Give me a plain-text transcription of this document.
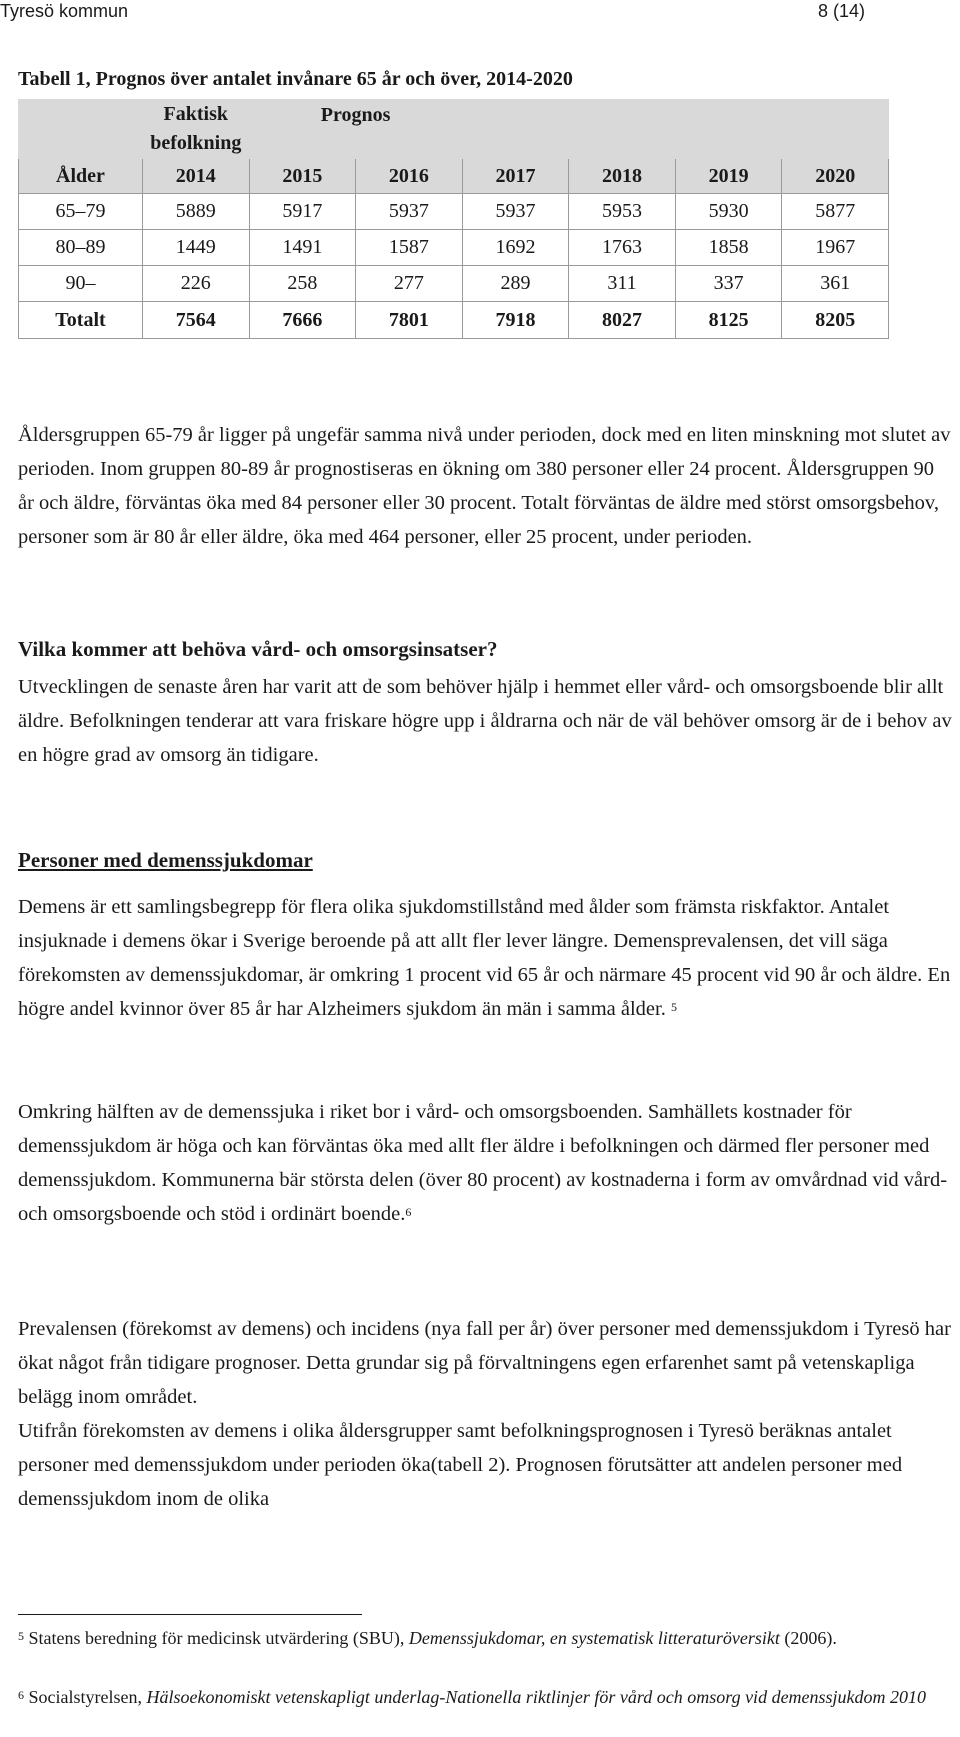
Tyresö kommun	8 (14)
Tabell 1, Prognos över antalet invånare 65 år och över, 2014-2020
	Faktisk befolkning	Prognos					
Ålder	2014	2015	2016	2017	2018	2019	2020
65–79	5889	5917	5937	5937	5953	5930	5877
80–89	1449	1491	1587	1692	1763	1858	1967
90–	226	258	277	289	311	337	361
Totalt	7564	7666	7801	7918	8027	8125	8205

Åldersgruppen 65-79 år ligger på ungefär samma nivå under perioden, dock med en liten minskning mot slutet av perioden. Inom gruppen 80-89 år prognostiseras en ökning om 380 personer eller 24 procent. Åldersgruppen 90 år och äldre, förväntas öka med 84 personer eller 30 procent. Totalt förväntas de äldre med störst omsorgsbehov, personer som är 80 år eller äldre, öka med 464 personer, eller 25 procent, under perioden.

Vilka kommer att behöva vård- och omsorgsinsatser?

Utvecklingen de senaste åren har varit att de som behöver hjälp i hemmet eller vård- och omsorgsboende blir allt äldre. Befolkningen tenderar att vara friskare högre upp i åldrarna och när de väl behöver omsorg är de i behov av en högre grad av omsorg än tidigare.

Personer med demenssjukdomar

Demens är ett samlingsbegrepp för flera olika sjukdomstillstånd med ålder som främsta riskfaktor. Antalet insjuknade i demens ökar i Sverige beroende på att allt fler lever längre. Demensprevalensen, det vill säga förekomsten av demenssjukdomar, är omkring 1 procent vid 65 år och närmare 45 procent vid 90 år och äldre. En högre andel kvinnor över 85 år har Alzheimers sjukdom än män i samma ålder. $^5$

Omkring hälften av de demenssjuka i riket bor i vård- och omsorgsboenden. Samhällets kostnader för demenssjukdom är höga och kan förväntas öka med allt fler äldre i befolkningen och därmed fler personer med demenssjukdom. Kommunerna bär största delen (över 80 procent) av kostnaderna i form av omvårdnad vid vård- och omsorgsboende och stöd i ordinärt boende.$^6$

Prevalensen (förekomst av demens) och incidens (nya fall per år) över personer med demenssjukdom i Tyresö har ökat något från tidigare prognoser. Detta grundar sig på förvaltningens egen erfarenhet samt på vetenskapliga belägg inom området.

Utifrån förekomsten av demens i olika åldersgrupper samt befolkningsprognosen i Tyresö beräknas antalet personer med demenssjukdom under perioden öka(tabell 2). Prognosen förutsätter att andelen personer med demenssjukdom inom de olika

$^5$ Statens beredning för medicinsk utvärdering (SBU), Demenssjukdomar, en systematisk litteraturöversikt (2006).
$^6$ Socialstyrelsen, Hälsoekonomiskt vetenskapligt underlag-Nationella riktlinjer för vård och omsorg vid demenssjukdom 2010
